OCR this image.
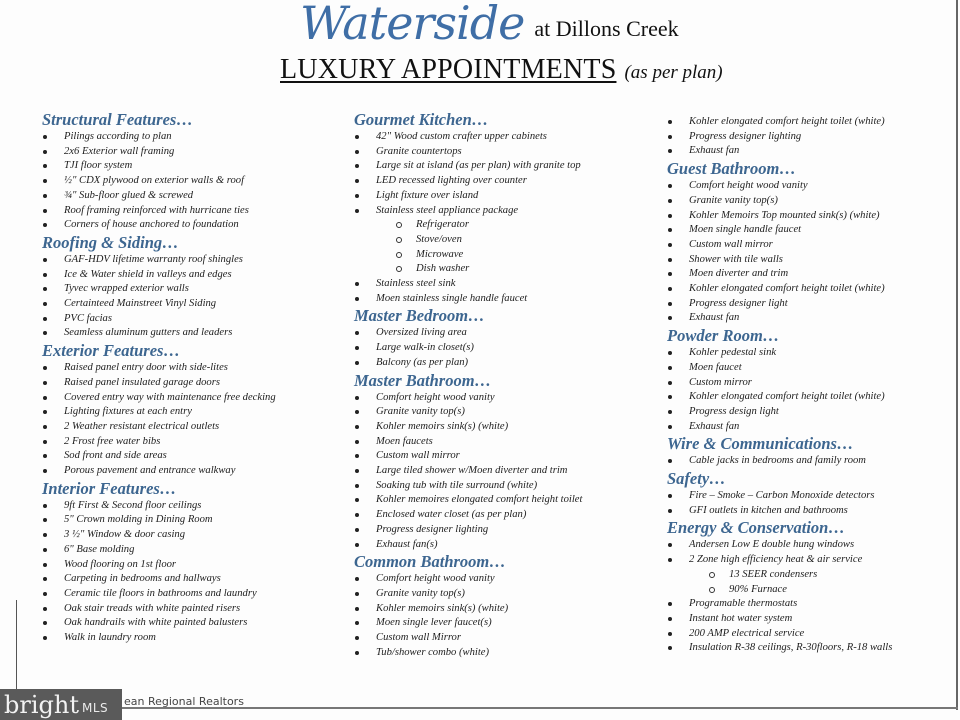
Waterside at Dillons Creek
LUXURY APPOINTMENTS (as per plan)
Structural Features…
Pilings according to plan
2x6 Exterior wall framing
TJI floor system
½" CDX plywood on exterior walls & roof
¾" Sub-floor glued & screwed
Roof framing reinforced with hurricane ties
Corners of house anchored to foundation
Roofing & Siding…
GAF-HDV lifetime warranty roof shingles
Ice & Water shield in valleys and edges
Tyvec wrapped exterior walls
Certainteed Mainstreet Vinyl Siding
PVC facias
Seamless aluminum gutters and leaders
Exterior Features…
Raised panel entry door with side-lites
Raised panel insulated garage doors
Covered entry way with maintenance free decking
Lighting fixtures at each entry
2 Weather resistant electrical outlets
2 Frost free water bibs
Sod front and side areas
Porous pavement and entrance walkway
Interior Features…
9ft First & Second floor ceilings
5" Crown molding in Dining Room
3 ½" Window & door casing
6" Base molding
Wood flooring on 1st floor
Carpeting in bedrooms and hallways
Ceramic tile floors in bathrooms and laundry
Oak stair treads with white painted risers
Oak handrails with white painted balusters
Walk in laundry room
Gourmet Kitchen…
42" Wood custom crafter upper cabinets
Granite countertops
Large sit at island (as per plan) with granite top
LED recessed lighting over counter
Light fixture over island
Stainless steel appliance package
Refrigerator
Stove/oven
Microwave
Dish washer
Stainless steel sink
Moen stainless single handle faucet
Master Bedroom…
Oversized living area
Large walk-in closet(s)
Balcony (as per plan)
Master Bathroom…
Comfort height wood vanity
Granite vanity top(s)
Kohler memoirs sink(s) (white)
Moen faucets
Custom wall mirror
Large tiled shower w/Moen diverter and trim
Soaking tub with tile surround (white)
Kohler memoires elongated comfort height toilet
Enclosed water closet (as per plan)
Progress designer lighting
Exhaust fan(s)
Common Bathroom…
Comfort height wood vanity
Granite vanity top(s)
Kohler memoirs sink(s) (white)
Moen single lever faucet(s)
Custom wall Mirror
Tub/shower combo (white)
Kohler elongated comfort height toilet (white)
Progress designer lighting
Exhaust fan
Guest Bathroom…
Comfort height wood vanity
Granite vanity top(s)
Kohler Memoirs Top mounted sink(s) (white)
Moen single handle faucet
Custom wall mirror
Shower with tile walls
Moen diverter and trim
Kohler elongated comfort height toilet (white)
Progress designer light
Exhaust fan
Powder Room…
Kohler pedestal sink
Moen faucet
Custom mirror
Kohler elongated comfort height toilet (white)
Progress design light
Exhaust fan
Wire & Communications…
Cable jacks in bedrooms and family room
Safety…
Fire – Smoke – Carbon Monoxide detectors
GFI outlets in kitchen and bathrooms
Energy & Conservation…
Andersen Low E double hung windows
2 Zone high efficiency heat & air service
13 SEER condensers
90% Furnace
Programable thermostats
Instant hot water system
200 AMP electrical service
Insulation R-38 ceilings, R-30floors, R-18 walls
bright MLS ean Regional Realtors
